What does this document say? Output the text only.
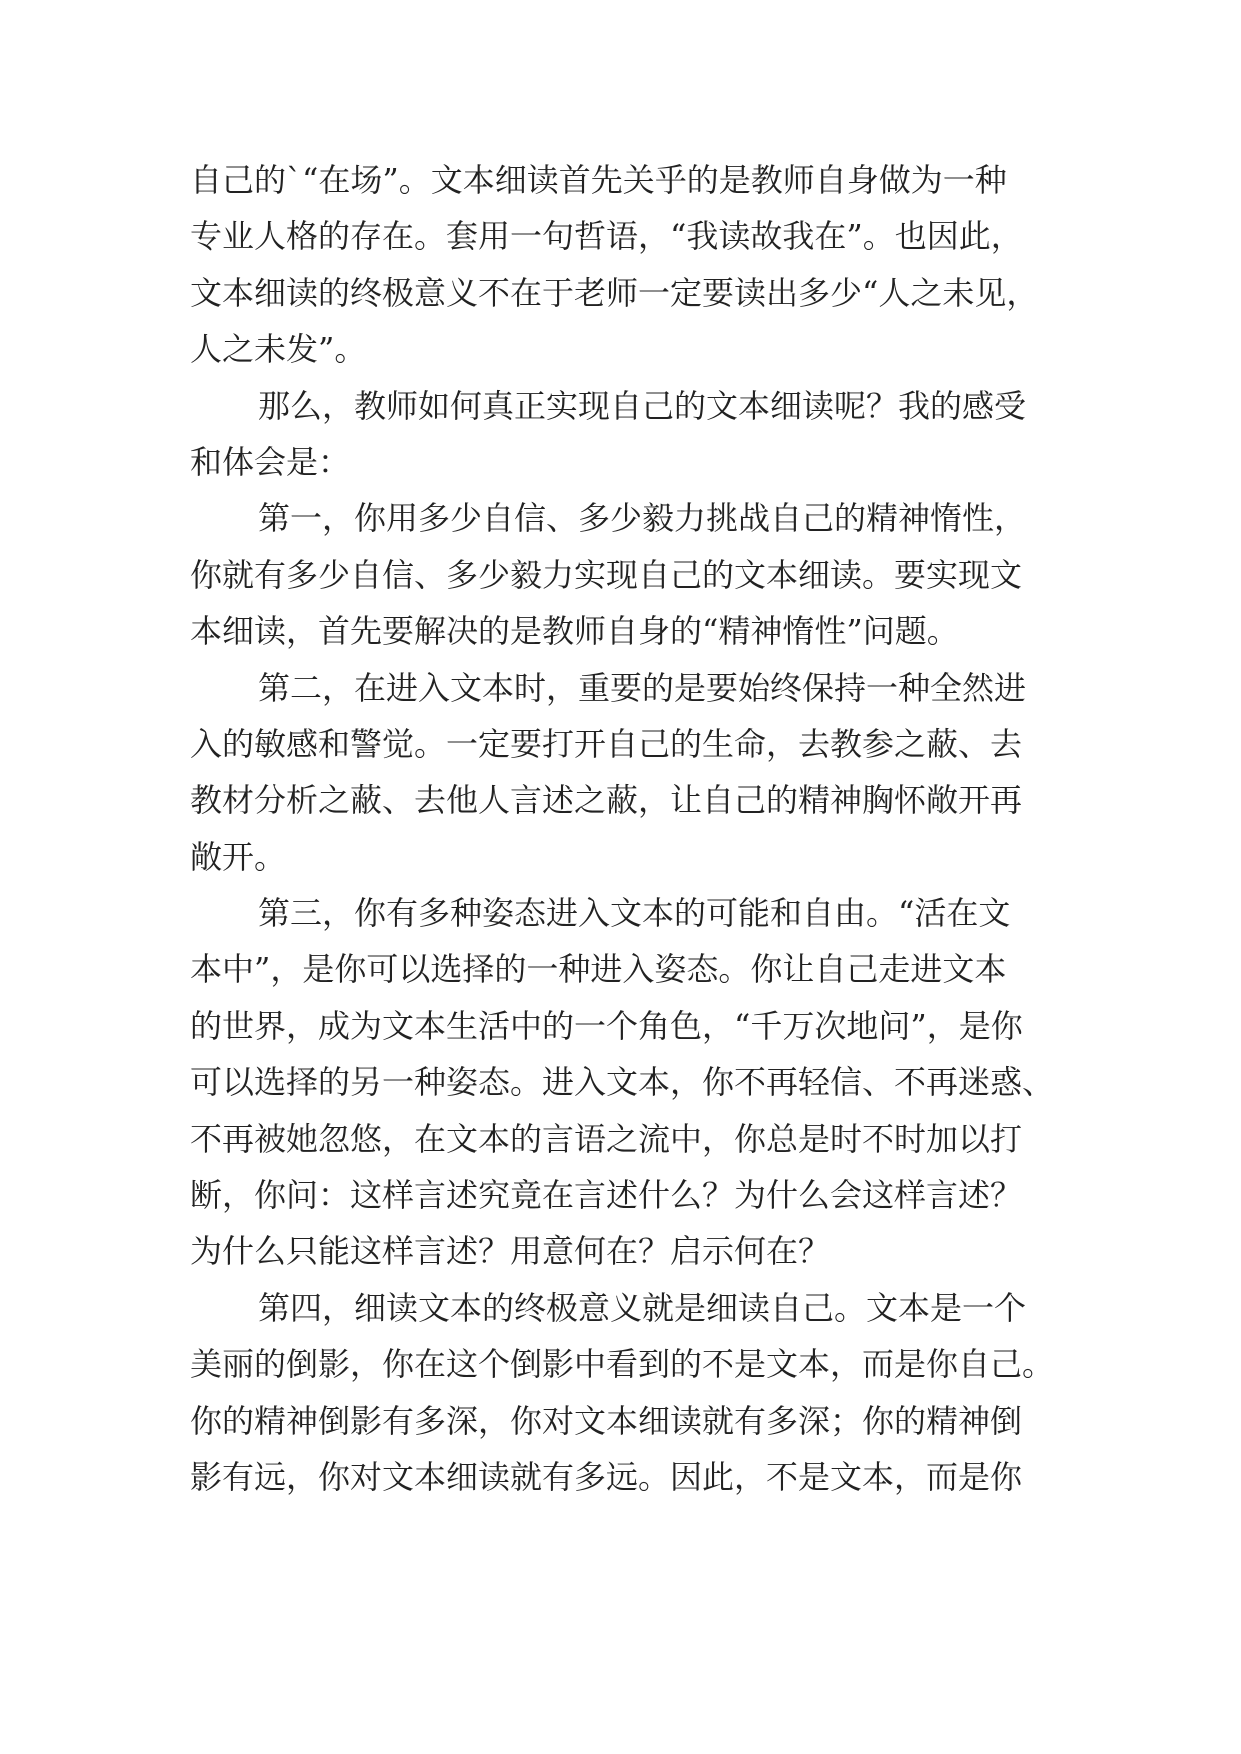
自己的`“在场”。文本细读首先关乎的是教师自身做为一种
专业人格的存在。套用一句哲语，“我读故我在”。也因此，
文本细读的终极意义不在于老师一定要读出多少“人之未见，
人之未发”。
那么，教师如何真正实现自己的文本细读呢？我的感受
和体会是：
第一，你用多少自信、多少毅力挑战自己的精神惰性，
你就有多少自信、多少毅力实现自己的文本细读。要实现文
本细读，首先要解决的是教师自身的“精神惰性”问题。
第二，在进入文本时，重要的是要始终保持一种全然进
入的敏感和警觉。一定要打开自己的生命，去教参之蔽、去
教材分析之蔽、去他人言述之蔽，让自己的精神胸怀敞开再
敞开。
第三，你有多种姿态进入文本的可能和自由。“活在文
本中”，是你可以选择的一种进入姿态。你让自己走进文本
的世界，成为文本生活中的一个角色，“千万次地问”，是你
可以选择的另一种姿态。进入文本，你不再轻信、不再迷惑、
不再被她忽悠，在文本的言语之流中，你总是时不时加以打
断，你问：这样言述究竟在言述什么？为什么会这样言述？
为什么只能这样言述？用意何在？启示何在？
第四，细读文本的终极意义就是细读自己。文本是一个
美丽的倒影，你在这个倒影中看到的不是文本，而是你自己。
你的精神倒影有多深，你对文本细读就有多深；你的精神倒
影有远，你对文本细读就有多远。因此，不是文本，而是你
